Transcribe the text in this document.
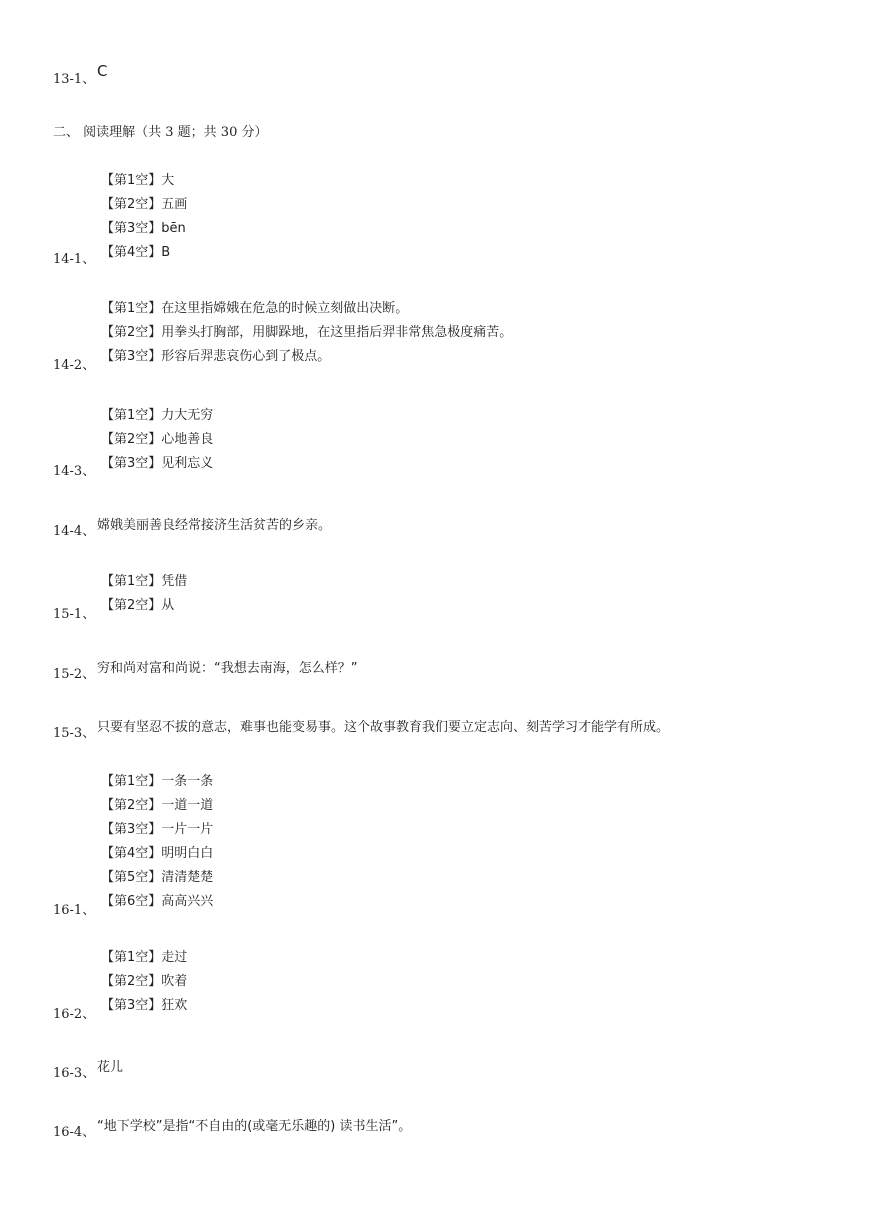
13-1、 C
二、 阅读理解（共 3 题；共 30 分）
【第1空】大
【第2空】五画
【第3空】bēn
【第4空】B
14-1、
【第1空】在这里指嫦娥在危急的时候立刻做出决断。
【第2空】用拳头打胸部，用脚跺地，在这里指后羿非常焦急极度痛苦。
【第3空】形容后羿悲哀伤心到了极点。
14-2、
【第1空】力大无穷
【第2空】心地善良
【第3空】见利忘义
14-3、
14-4、 嫦娥美丽善良经常接济生活贫苦的乡亲。
【第1空】凭借
【第2空】从
15-1、
15-2、 穷和尚对富和尚说：“我想去南海，怎么样？”
15-3、 只要有坚忍不拔的意志，难事也能变易事。这个故事教育我们要立定志向、刻苦学习才能学有所成。
【第1空】一条一条
【第2空】一道一道
【第3空】一片一片
【第4空】明明白白
【第5空】清清楚楚
【第6空】高高兴兴
16-1、
【第1空】走过
【第2空】吹着
【第3空】狂欢
16-2、
16-3、 花儿
16-4、 “地下学校”是指“不自由的(或毫无乐趣的) 读书生活”。
